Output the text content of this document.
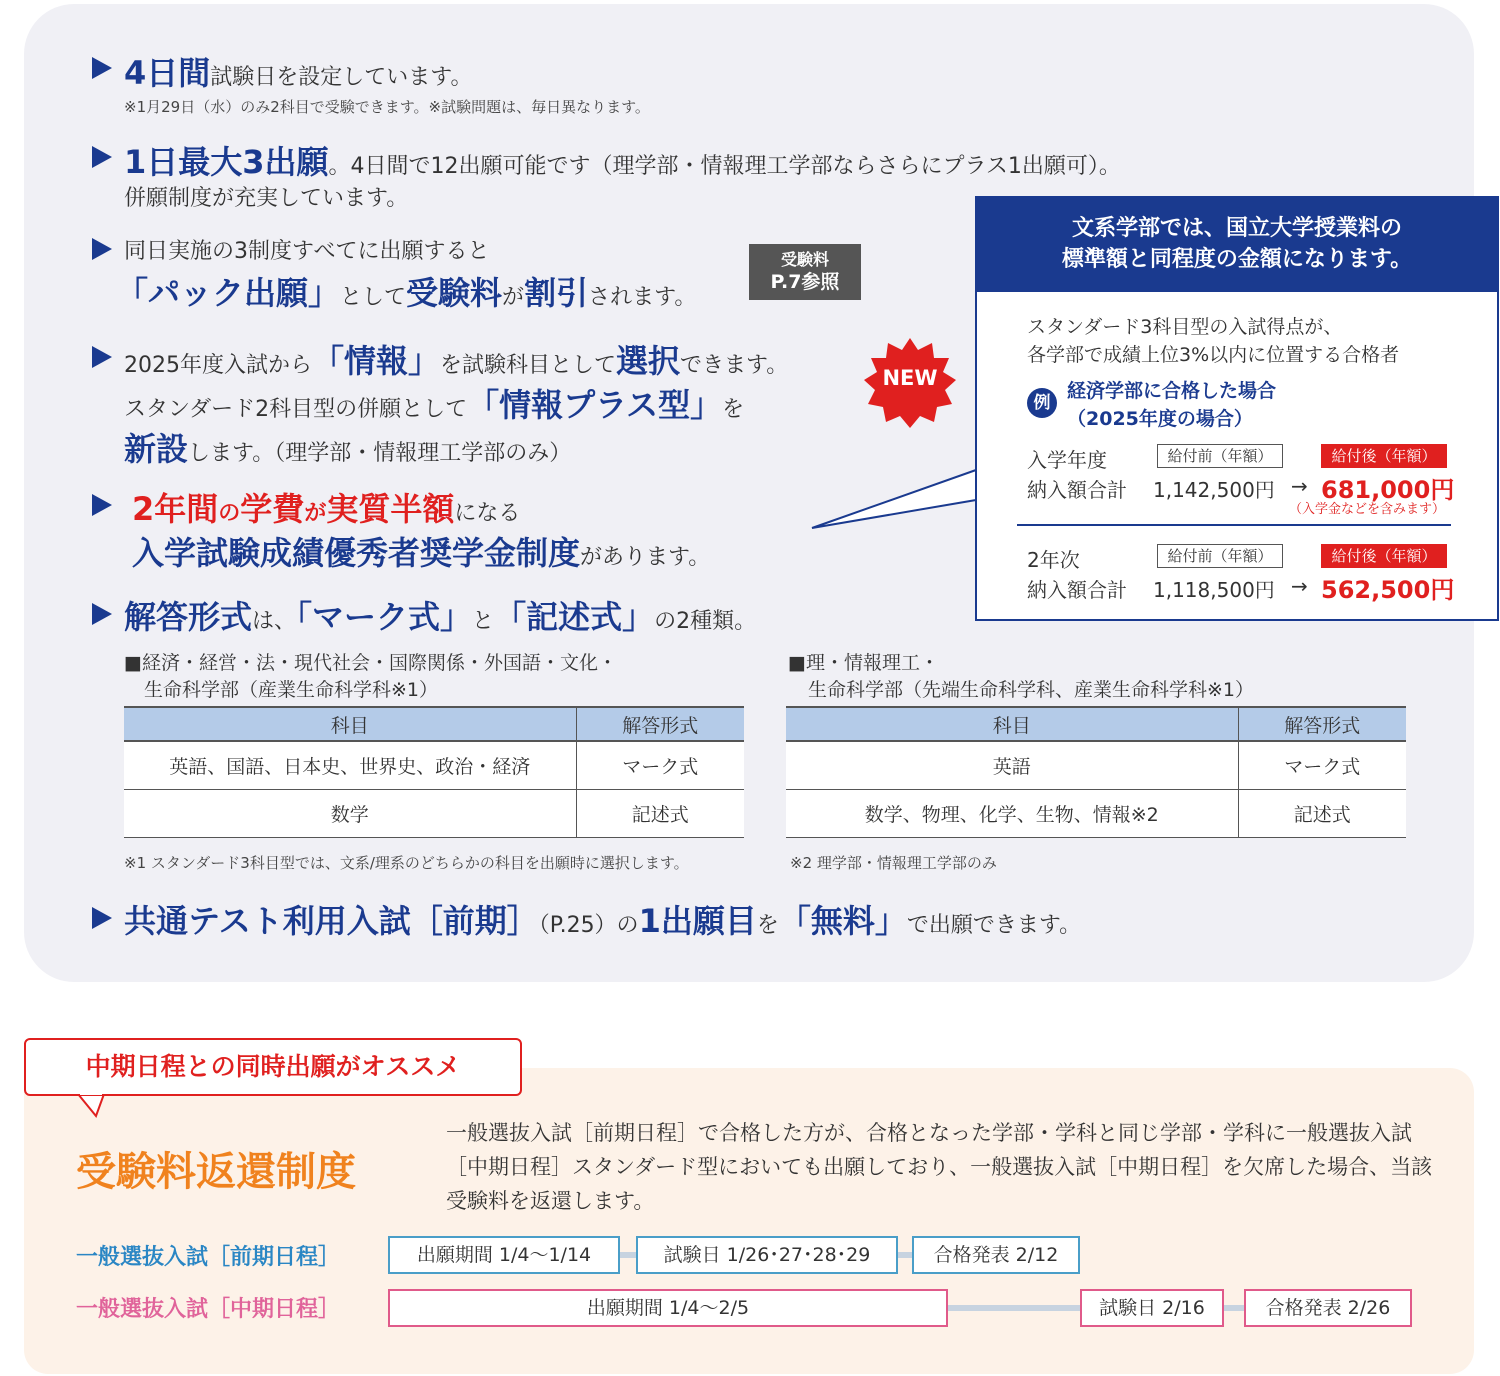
4日間試験日を設定しています。
※1月29日（水）のみ2科目で受験できます。※試験問題は、毎日異なります。
1日最大3出願。4日間で12出願可能です（理学部・情報理工学部ならさらにプラス1出願可）。
併願制度が充実しています。
同日実施の3制度すべてに出願すると
「パック出願」として受験料が割引されます。
受験料
P.7参照
2025年度入試から「情報」を試験科目として選択できます。
スタンダード2科目型の併願として「情報プラス型」を
新設します。（理学部・情報理工学部のみ）
NEW
2年間の学費が実質半額になる
入学試験成績優秀者奨学金制度があります。
文系学部では、国立大学授業料の
標準額と同程度の金額になります。
スタンダード3科目型の入試得点が、
各学部で成績上位3%以内に位置する合格者
例
経済学部に合格した場合
（2025年度の場合）
入学年度
納入額合計
給付前（年額）	給付後（年額）
1,142,500円 → 681,000円
（入学金などを含みます）
2年次
納入額合計
給付前（年額）	給付後（年額）
1,118,500円 → 562,500円
解答形式は、「マーク式」と「記述式」の2種類。
■経済・経営・法・現代社会・国際関係・外国語・文化・
生命科学部（産業生命科学科※1）
科目	解答形式
英語、国語、日本史、世界史、政治・経済	マーク式
数学	記述式
■理・情報理工・
生命科学部（先端生命科学科、産業生命科学科※1）
科目	解答形式
英語	マーク式
数学、物理、化学、生物、情報※2	記述式
※1 スタンダード3科目型では、文系/理系のどちらかの科目を出願時に選択します。	※2 理学部・情報理工学部のみ
共通テスト利用入試［前期］（P.25）の1出願目を「無料」で出願できます。
中期日程との同時出願がオススメ
受験料返還制度
一般選抜入試［前期日程］で合格した方が、合格となった学部・学科と同じ学部・学科に一般選抜入試［中期日程］スタンダード型においても出願しており、一般選抜入試［中期日程］を欠席した場合、当該受験料を返還します。
一般選抜入試［前期日程］	出願期間 1/4〜1/14	試験日 1/26･27･28･29	合格発表 2/12
一般選抜入試［中期日程］	出願期間 1/4〜2/5	試験日 2/16	合格発表 2/26
